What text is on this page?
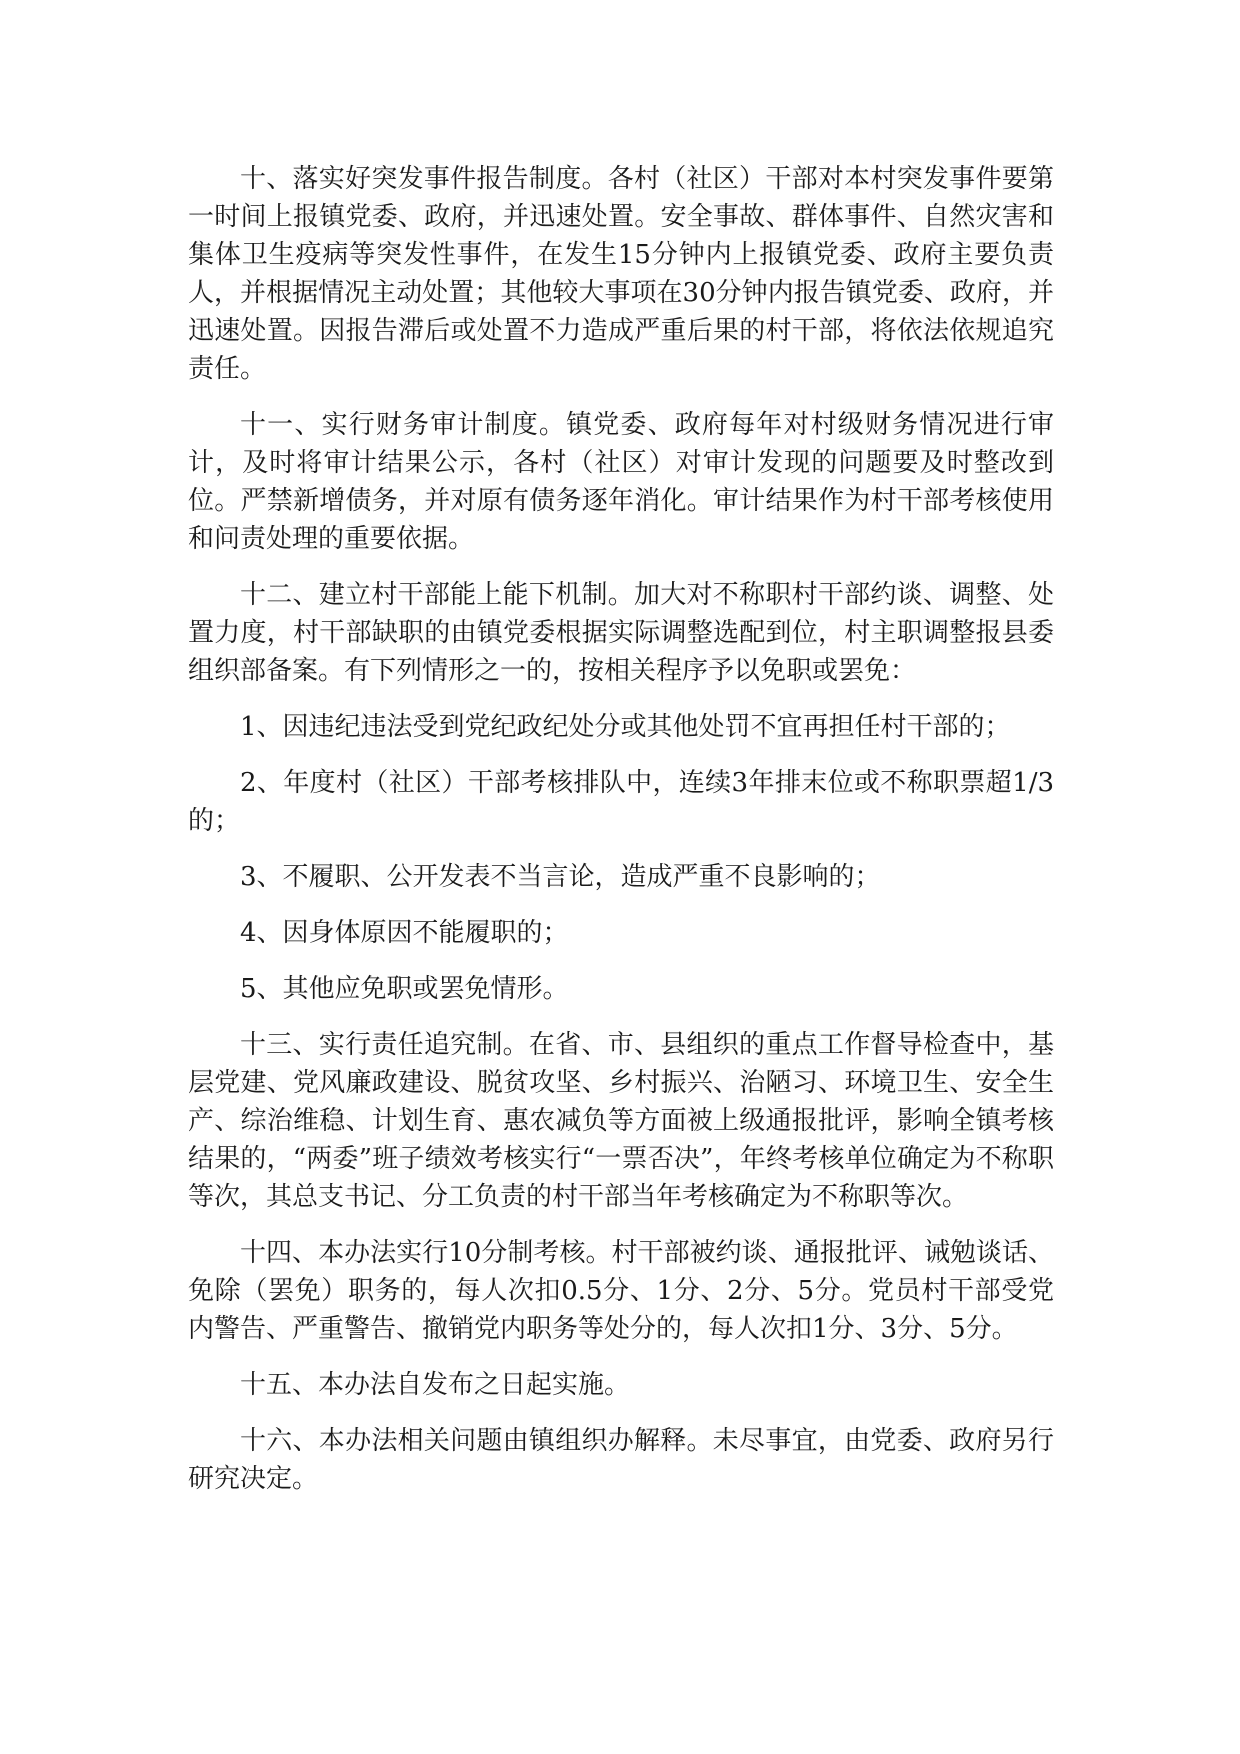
十、落实好突发事件报告制度。各村（社区）干部对本村突发事件要第一时间上报镇党委、政府，并迅速处置。安全事故、群体事件、自然灾害和集体卫生疫病等突发性事件，在发生15分钟内上报镇党委、政府主要负责人，并根据情况主动处置；其他较大事项在30分钟内报告镇党委、政府，并迅速处置。因报告滞后或处置不力造成严重后果的村干部，将依法依规追究责任。

十一、实行财务审计制度。镇党委、政府每年对村级财务情况进行审计，及时将审计结果公示，各村（社区）对审计发现的问题要及时整改到位。严禁新增债务，并对原有债务逐年消化。审计结果作为村干部考核使用和问责处理的重要依据。

十二、建立村干部能上能下机制。加大对不称职村干部约谈、调整、处置力度，村干部缺职的由镇党委根据实际调整选配到位，村主职调整报县委组织部备案。有下列情形之一的，按相关程序予以免职或罢免：

1、因违纪违法受到党纪政纪处分或其他处罚不宜再担任村干部的；

2、年度村（社区）干部考核排队中，连续3年排末位或不称职票超1/3的；

3、不履职、公开发表不当言论，造成严重不良影响的；

4、因身体原因不能履职的；

5、其他应免职或罢免情形。

十三、实行责任追究制。在省、市、县组织的重点工作督导检查中，基层党建、党风廉政建设、脱贫攻坚、乡村振兴、治陋习、环境卫生、安全生产、综治维稳、计划生育、惠农减负等方面被上级通报批评，影响全镇考核结果的，“两委”班子绩效考核实行“一票否决”，年终考核单位确定为不称职等次，其总支书记、分工负责的村干部当年考核确定为不称职等次。

十四、本办法实行10分制考核。村干部被约谈、通报批评、诫勉谈话、免除（罢免）职务的，每人次扣0.5分、1分、2分、5分。党员村干部受党内警告、严重警告、撤销党内职务等处分的，每人次扣1分、3分、5分。

十五、本办法自发布之日起实施。

十六、本办法相关问题由镇组织办解释。未尽事宜，由党委、政府另行研究决定。
